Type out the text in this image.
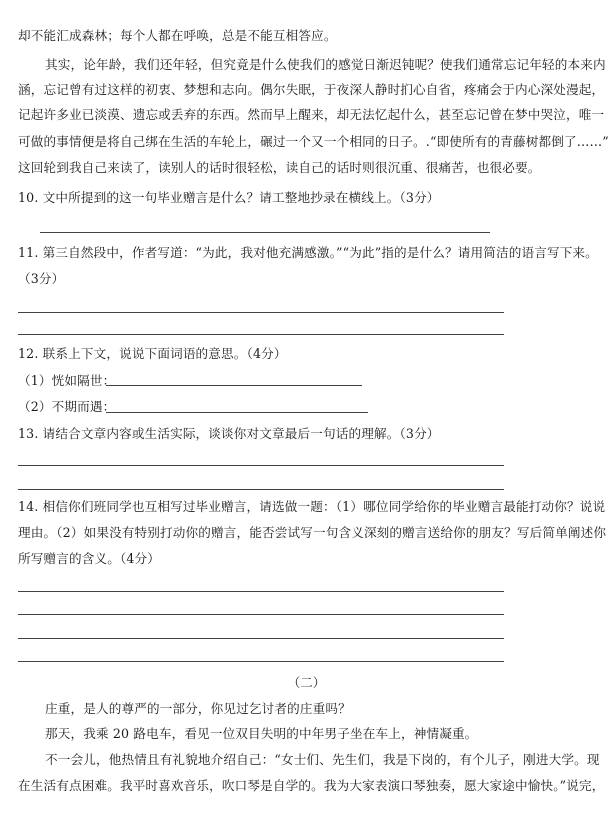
却不能汇成森林；每个人都在呼唤，总是不能互相答应。
其实，论年龄，我们还年轻，但究竟是什么使我们的感觉日渐迟钝呢？使我们通常忘记年轻的本来内
涵，忘记曾有过这样的初衷、梦想和志向。偶尔失眠，于夜深人静时扪心自省，疼痛会于内心深处漫起，
记起许多业已淡漠、遗忘或丢弃的东西。然而早上醒来，却无法忆起什么，甚至忘记曾在梦中哭泣，唯一
可做的事情便是将自己绑在生活的车轮上，碾过一个又一个相同的日子。.“即使所有的青藤树都倒了……”
这回轮到我自己来读了，读别人的话时很轻松，读自己的话时则很沉重、很痛苦，也很必要。
10. 文中所提到的这一句毕业赠言是什么？请工整地抄录在横线上。（3分）
11. 第三自然段中，作者写道：“为此，我对他充满感激。”“为此”指的是什么？请用简洁的语言写下来。
（3分）
12. 联系上下文，说说下面词语的意思。（4分）
（1）恍如隔世：
（2）不期而遇：
13. 请结合文章内容或生活实际，谈谈你对文章最后一句话的理解。（3分）
14. 相信你们班同学也互相写过毕业赠言，请选做一题：（1）哪位同学给你的毕业赠言最能打动你？说说
理由。（2）如果没有特别打动你的赠言，能否尝试写一句含义深刻的赠言送给你的朋友？写后简单阐述你
所写赠言的含义。（4分）
（二）
庄重，是人的尊严的一部分，你见过乞讨者的庄重吗？
那天，我乘 20 路电车，看见一位双目失明的中年男子坐在车上，神情凝重。
不一会儿，他热情且有礼貌地介绍自己：“女士们、先生们，我是下岗的，有个儿子，刚进大学。现
在生活有点困难。我平时喜欢音乐，吹口琴是自学的。我为大家表演口琴独奏，愿大家途中愉快。”说完，
